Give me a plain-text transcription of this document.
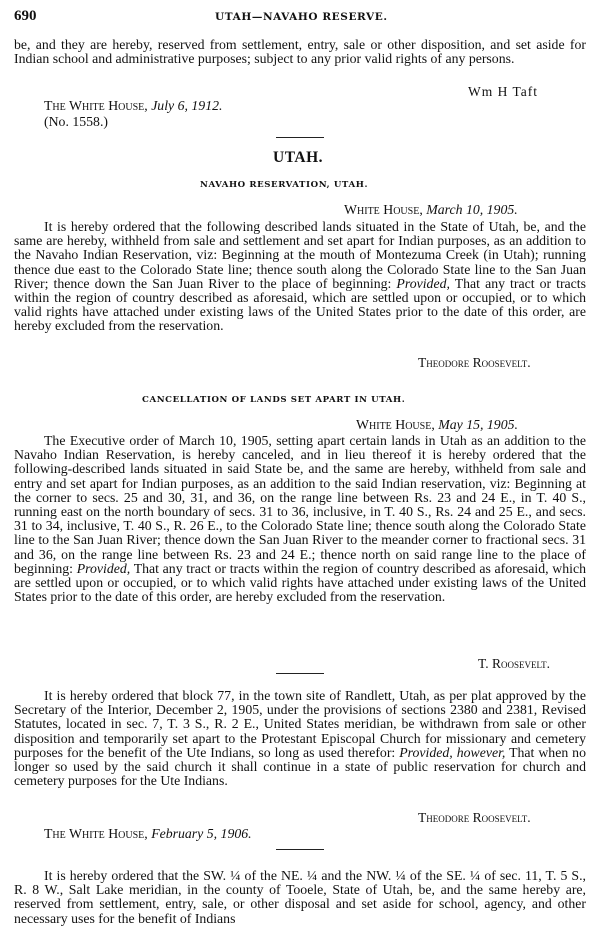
690	UTAH—NAVAHO RESERVE.

be, and they are hereby, reserved from settlement, entry, sale or other disposition, and set aside for Indian school and administrative purposes; subject to any prior valid rights of any persons.

Wm H Taft
The White House, July 6, 1912.
(No. 1558.)
UTAH.
NAVAHO RESERVATION, UTAH.
White House, March 10, 1905.

It is hereby ordered that the following described lands situated in the State of Utah, be, and the same are hereby, withheld from sale and settlement and set apart for Indian purposes, as an addition to the Navaho Indian Reservation, viz: Beginning at the mouth of Montezuma Creek (in Utah); running thence due east to the Colorado State line; thence south along the Colorado State line to the San Juan River; thence down the San Juan River to the place of beginning: Provided, That any tract or tracts within the region of country described as aforesaid, which are settled upon or occupied, or to which valid rights have attached under existing laws of the United States prior to the date of this order, are hereby excluded from the reservation.

Theodore Roosevelt.
CANCELLATION OF LANDS SET APART IN UTAH.
White House, May 15, 1905.

The Executive order of March 10, 1905, setting apart certain lands in Utah as an addition to the Navaho Indian Reservation, is hereby canceled, and in lieu thereof it is hereby ordered that the following-described lands situated in said State be, and the same are hereby, withheld from sale and entry and set apart for Indian purposes, as an addition to the said Indian reservation, viz: Beginning at the corner to secs. 25 and 30, 31, and 36, on the range line between Rs. 23 and 24 E., in T. 40 S., running east on the north boundary of secs. 31 to 36, inclusive, in T. 40 S., Rs. 24 and 25 E., and secs. 31 to 34, inclusive, T. 40 S., R. 26 E., to the Colorado State line; thence south along the Colorado State line to the San Juan River; thence down the San Juan River to the meander corner to fractional secs. 31 and 36, on the range line between Rs. 23 and 24 E.; thence north on said range line to the place of beginning: Provided, That any tract or tracts within the region of country described as aforesaid, which are settled upon or occupied, or to which valid rights have attached under existing laws of the United States prior to the date of this order, are hereby excluded from the reservation.

T. Roosevelt.

It is hereby ordered that block 77, in the town site of Randlett, Utah, as per plat approved by the Secretary of the Interior, December 2, 1905, under the provisions of sections 2380 and 2381, Revised Statutes, located in sec. 7, T. 3 S., R. 2 E., United States meridian, be withdrawn from sale or other disposition and temporarily set apart to the Protestant Episcopal Church for missionary and cemetery purposes for the benefit of the Ute Indians, so long as used therefor: Provided, however, That when no longer so used by the said church it shall continue in a state of public reservation for church and cemetery purposes for the Ute Indians.

Theodore Roosevelt.
The White House, February 5, 1906.

It is hereby ordered that the SW. ¼ of the NE. ¼ and the NW. ¼ of the SE. ¼ of sec. 11, T. 5 S., R. 8 W., Salt Lake meridian, in the county of Tooele, State of Utah, be, and the same hereby are, reserved from settlement, entry, sale, or other disposal and set aside for school, agency, and other necessary uses for the benefit of Indians
